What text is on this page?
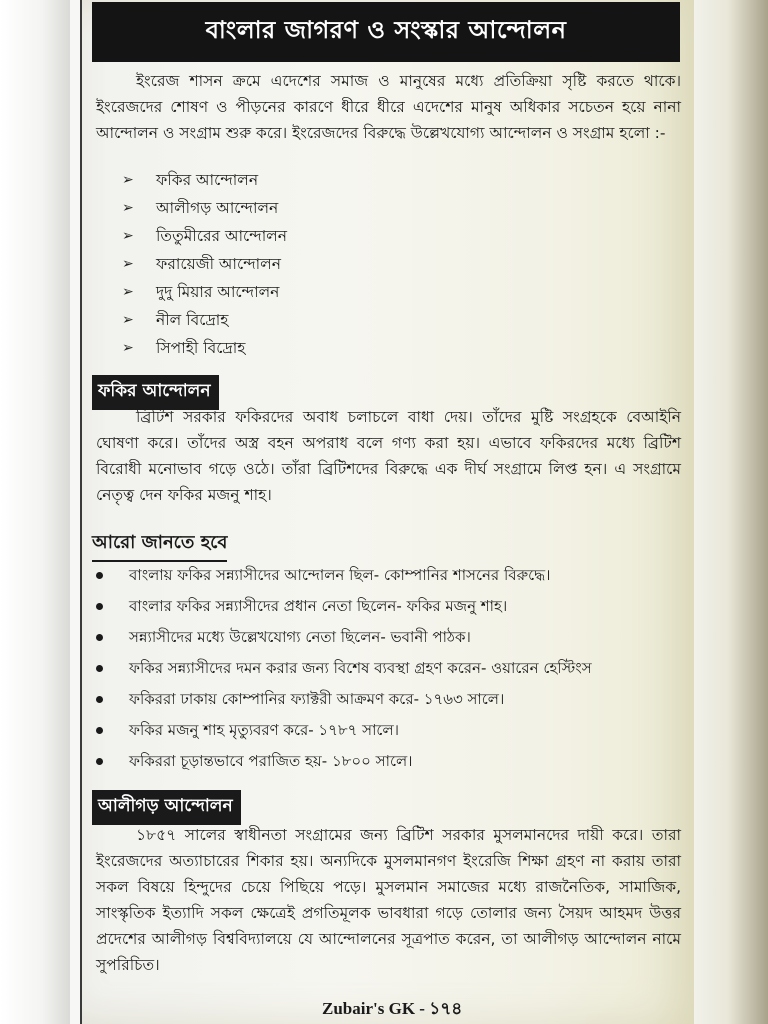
বাংলার জাগরণ ও সংস্কার আন্দোলন
ইংরেজ শাসন ক্রমে এদেশের সমাজ ও মানুষের মধ্যে প্রতিক্রিয়া সৃষ্টি করতে থাকে। ইংরেজদের শোষণ ও পীড়নের কারণে ধীরে ধীরে এদেশের মানুষ অধিকার সচেতন হয়ে নানা আন্দোলন ও সংগ্রাম শুরু করে। ইংরেজদের বিরুদ্ধে উল্লেখযোগ্য আন্দোলন ও সংগ্রাম হলো :-
➢	ফকির আন্দোলন
➢	আলীগড় আন্দোলন
➢	তিতুমীরের আন্দোলন
➢	ফরায়েজী আন্দোলন
➢	দুদু মিয়ার আন্দোলন
➢	নীল বিদ্রোহ
➢	সিপাহী বিদ্রোহ
ফকির আন্দোলন
ব্রিটিশ সরকার ফকিরদের অবাধ চলাচলে বাধা দেয়। তাঁদের মুষ্টি সংগ্রহকে বেআইনি ঘোষণা করে। তাঁদের অস্ত্র বহন অপরাধ বলে গণ্য করা হয়। এভাবে ফকিরদের মধ্যে ব্রিটিশ বিরোধী মনোভাব গড়ে ওঠে। তাঁরা ব্রিটিশদের বিরুদ্ধে এক দীর্ঘ সংগ্রামে লিপ্ত হন। এ সংগ্রামে নেতৃত্ব দেন ফকির মজনু শাহ।
আরো জানতে হবে
বাংলায় ফকির সন্ন্যাসীদের আন্দোলন ছিল- কোম্পানির শাসনের বিরুদ্ধে।
বাংলার ফকির সন্ন্যাসীদের প্রধান নেতা ছিলেন- ফকির মজনু শাহ।
সন্ন্যাসীদের মধ্যে উল্লেখযোগ্য নেতা ছিলেন- ভবানী পাঠক।
ফকির সন্ন্যাসীদের দমন করার জন্য বিশেষ ব্যবস্থা গ্রহণ করেন- ওয়ারেন হেস্টিংস
ফকিররা ঢাকায় কোম্পানির ফ্যাক্টরী আক্রমণ করে- ১৭৬৩ সালে।
ফকির মজনু শাহ মৃত্যুবরণ করে- ১৭৮৭ সালে।
ফকিররা চূড়ান্তভাবে পরাজিত হয়- ১৮০০ সালে।
আলীগড় আন্দোলন
১৮৫৭ সালের স্বাধীনতা সংগ্রামের জন্য ব্রিটিশ সরকার মুসলমানদের দায়ী করে। তারা ইংরেজদের অত্যাচারের শিকার হয়। অন্যদিকে মুসলমানগণ ইংরেজি শিক্ষা গ্রহণ না করায় তারা সকল বিষয়ে হিন্দুদের চেয়ে পিছিয়ে পড়ে। মুসলমান সমাজের মধ্যে রাজনৈতিক, সামাজিক, সাংস্কৃতিক ইত্যাদি সকল ক্ষেত্রেই প্রগতিমূলক ভাবধারা গড়ে তোলার জন্য সৈয়দ আহমদ উত্তর প্রদেশের আলীগড় বিশ্ববিদ্যালয়ে যে আন্দোলনের সূত্রপাত করেন, তা আলীগড় আন্দোলন নামে সুপরিচিত।
Zubair's GK - ১৭৪
